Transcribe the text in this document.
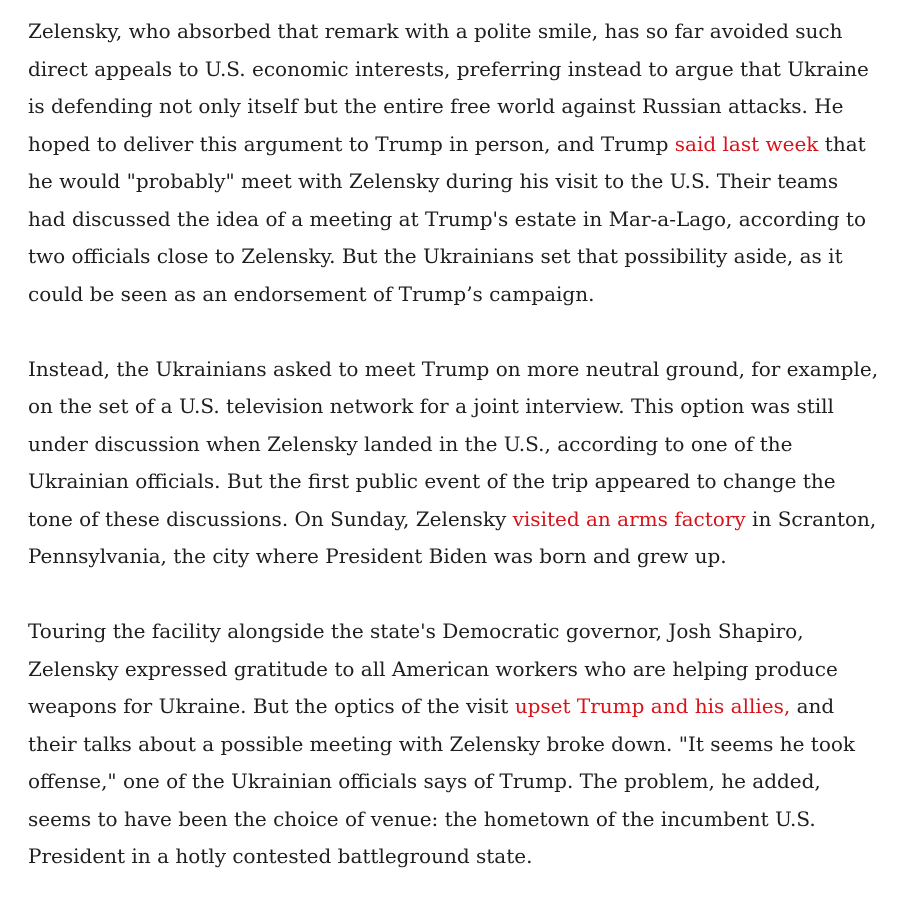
Zelensky, who absorbed that remark with a polite smile, has so far avoided such direct appeals to U.S. economic interests, preferring instead to argue that Ukraine is defending not only itself but the entire free world against Russian attacks. He hoped to deliver this argument to Trump in person, and Trump said last week that he would "probably" meet with Zelensky during his visit to the U.S. Their teams had discussed the idea of a meeting at Trump's estate in Mar-a-Lago, according to two officials close to Zelensky. But the Ukrainians set that possibility aside, as it could be seen as an endorsement of Trump’s campaign.

Instead, the Ukrainians asked to meet Trump on more neutral ground, for example, on the set of a U.S. television network for a joint interview. This option was still under discussion when Zelensky landed in the U.S., according to one of the Ukrainian officials. But the first public event of the trip appeared to change the tone of these discussions. On Sunday, Zelensky visited an arms factory in Scranton, Pennsylvania, the city where President Biden was born and grew up.

Touring the facility alongside the state's Democratic governor, Josh Shapiro, Zelensky expressed gratitude to all American workers who are helping produce weapons for Ukraine. But the optics of the visit upset Trump and his allies, and their talks about a possible meeting with Zelensky broke down. "It seems he took offense," one of the Ukrainian officials says of Trump. The problem, he added, seems to have been the choice of venue: the hometown of the incumbent U.S. President in a hotly contested battleground state.
